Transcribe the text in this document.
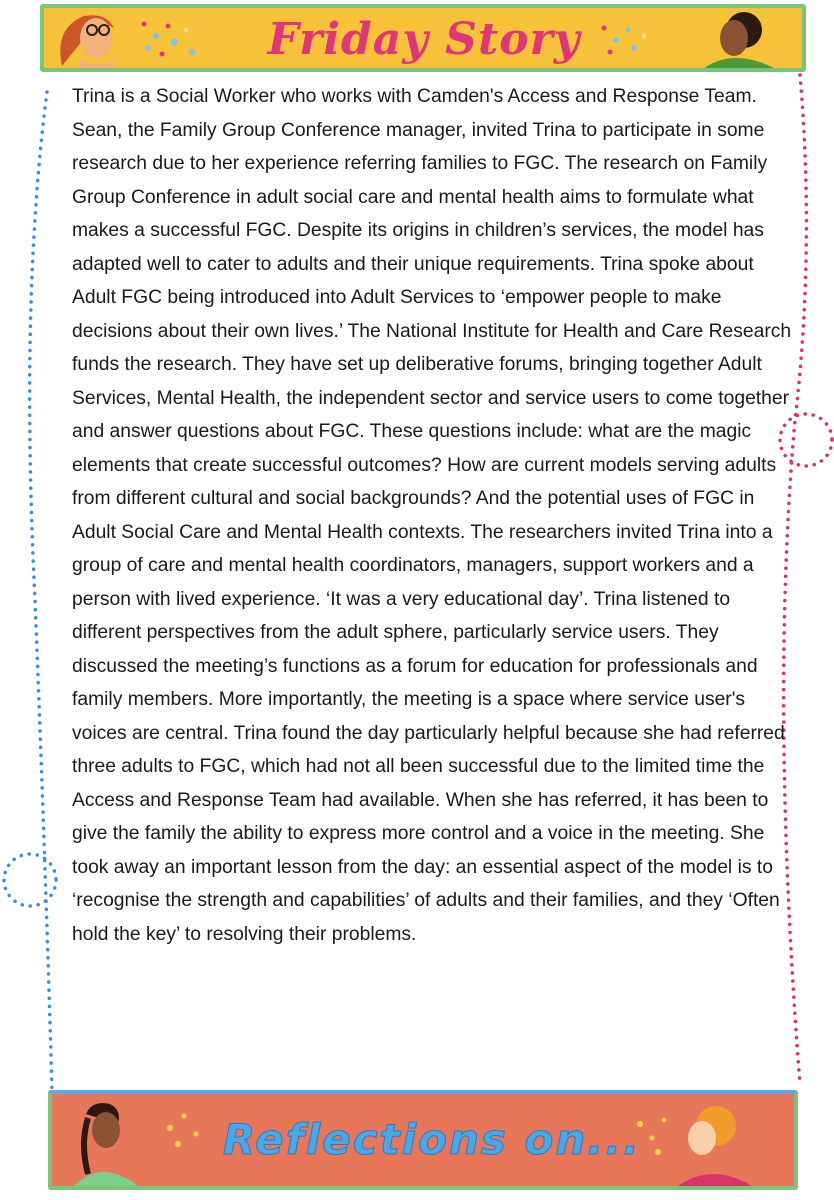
Friday Story

Trina is a Social Worker who works with Camden's Access and Response Team. Sean, the Family Group Conference manager, invited Trina to participate in some research due to her experience referring families to FGC. The research on Family Group Conference in adult social care and mental health aims to formulate what makes a successful FGC. Despite its origins in children’s services, the model has adapted well to cater to adults and their unique requirements. Trina spoke about Adult FGC being introduced into Adult Services to ‘empower people to make decisions about their own lives.’ The National Institute for Health and Care Research funds the research. They have set up deliberative forums, bringing together Adult Services, Mental Health, the independent sector and service users to come together and answer questions about FGC. These questions include: what are the magic elements that create successful outcomes? How are current models serving adults from different cultural and social backgrounds? And the potential uses of FGC in Adult Social Care and Mental Health contexts. The researchers invited Trina into a group of care and mental health coordinators, managers, support workers and a person with lived experience. ‘It was a very educational day’. Trina listened to different perspectives from the adult sphere, particularly service users. They discussed the meeting’s functions as a forum for education for professionals and family members. More importantly, the meeting is a space where service user's voices are central. Trina found the day particularly helpful because she had referred three adults to FGC, which had not all been successful due to the limited time the Access and Response Team had available. When she has referred, it has been to give the family the ability to express more control and a voice in the meeting. She took away an important lesson from the day: an essential aspect of the model is to ‘recognise the strength and capabilities’ of adults and their families, and they ‘Often hold the key’ to resolving their problems.

Reflections on...
